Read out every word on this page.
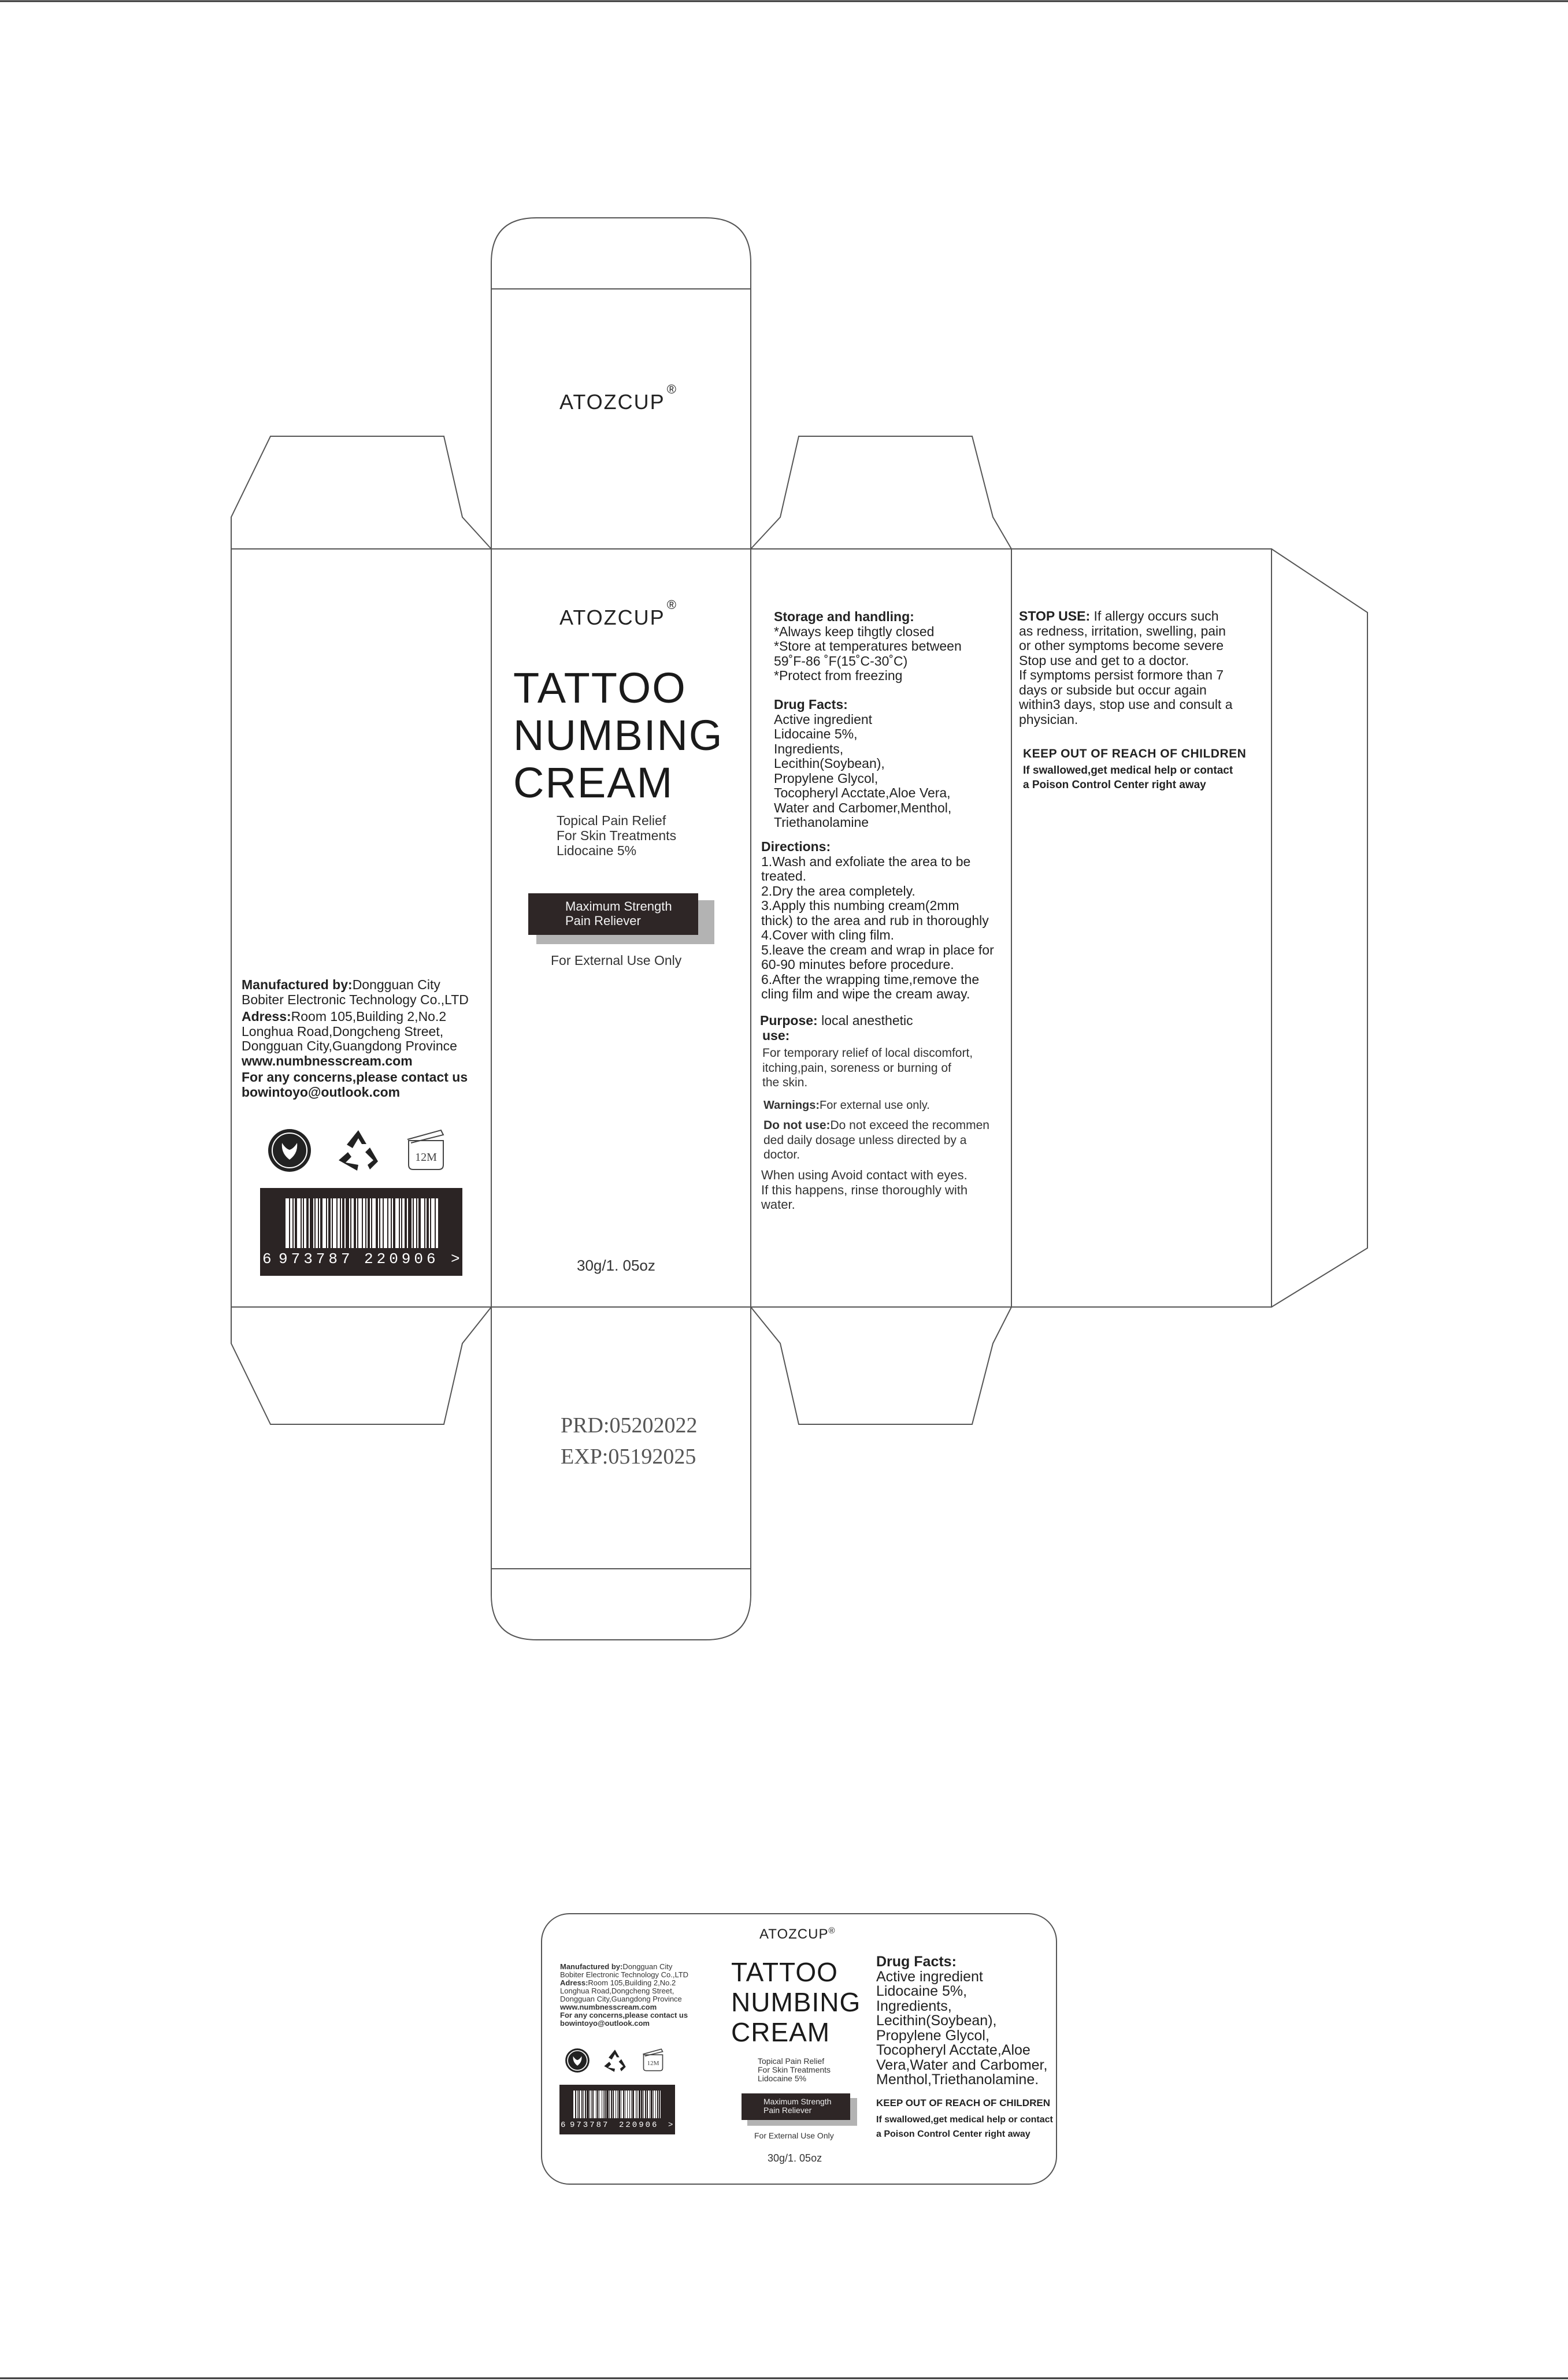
ATOZCUP®
ATOZCUP®
TATTOO
NUMBING
CREAM
Topical Pain Relief
For Skin Treatments
Lidocaine 5%
Maximum Strength
Pain Reliever
For External Use Only
30g/1. 05oz
Manufactured by:Dongguan City
Bobiter Electronic Technology Co.,LTD
Adress:Room 105,Building 2,No.2
Longhua Road,Dongcheng Street,
Dongguan City,Guangdong Province
www.numbnesscream.com
For any concerns,please contact us
bowintoyo@outlook.com
12M
6 973787 220906 >
PRD:05202022
EXP:05192025
Storage and handling:
*Always keep tihgtly closed
*Store at temperatures between
59˚F-86 ˚F(15˚C-30˚C)
*Protect from freezing
Drug Facts:
Active ingredient
Lidocaine 5%,
Ingredients,
Lecithin(Soybean),
Propylene Glycol,
Tocopheryl Acctate,Aloe Vera,
Water and Carbomer,Menthol,
Triethanolamine
Directions:
1.Wash and exfoliate the area to be
treated.
2.Dry the area completely.
3.Apply this numbing cream(2mm
thick) to the area and rub in thoroughly
4.Cover with cling film.
5.leave the cream and wrap in place for
60-90 minutes before procedure.
6.After the wrapping time,remove the
cling film and wipe the cream away.
Purpose: local anesthetic
use:
For temporary relief of local discomfort,
itching,pain, soreness or burning of
the skin.
Warnings:For external use only.
Do not use:Do not exceed the recommen
ded daily dosage unless directed by a
doctor.
When using Avoid contact with eyes.
If this happens, rinse thoroughly with
water.
STOP USE: If allergy occurs such
as redness, irritation, swelling, pain
or other symptoms become severe
Stop use and get to a doctor.
If symptoms persist formore than 7
days or subside but occur again
within3 days, stop use and consult a
physician.
KEEP OUT OF REACH OF CHILDREN
If swallowed,get medical help or contact
a Poison Control Center right away
ATOZCUP®
Manufactured by:Dongguan City
Bobiter Electronic Technology Co.,LTD
Adress:Room 105,Building 2,No.2
Longhua Road,Dongcheng Street,
Dongguan City,Guangdong Province
www.numbnesscream.com
For any concerns,please contact us
bowintoyo@outlook.com
12M
6 973787 220906 >
TATTOO
NUMBING
CREAM
Topical Pain Relief
For Skin Treatments
Lidocaine 5%
Maximum Strength
Pain Reliever
For External Use Only
30g/1. 05oz
Drug Facts:
Active ingredient
Lidocaine 5%,
Ingredients,
Lecithin(Soybean),
Propylene Glycol,
Tocopheryl Acctate,Aloe
Vera,Water and Carbomer,
Menthol,Triethanolamine.
KEEP OUT OF REACH OF CHILDREN
If swallowed,get medical help or contact
a Poison Control Center right away
